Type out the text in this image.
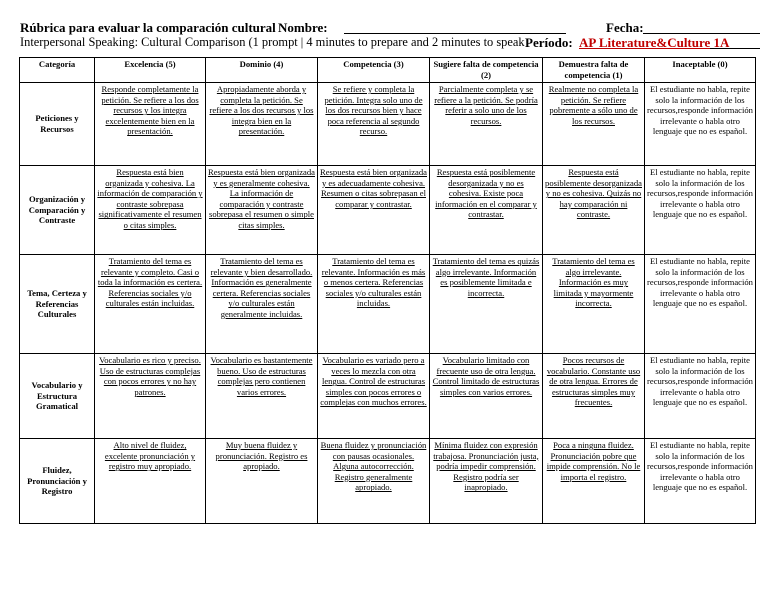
Rúbrica para evaluar la comparación cultural Nombre:	Fecha:
Interpersonal Speaking: Cultural Comparison (1 prompt | 4 minutes to prepare and 2 minutes to speak Período: AP Literature&Culture 1A
Categoría	Excelencia (5)	Dominio (4)	Competencia (3)	Sugiere falta de competencia (2)	Demuestra falta de competencia (1)	Inaceptable (0)
Peticiones y Recursos	Responde completamente la petición. Se refiere a los dos recursos y los integra excelentemente bien en la presentación.	Apropiadamente aborda y completa la petición. Se refiere a los dos recursos y los integra bien en la presentación.	Se refiere y completa la petición. Integra solo uno de los dos recursos bien y hace poca referencia al segundo recurso.	Parcialmente completa y se refiere a la petición. Se podría referir a solo uno de los recursos.	Realmente no completa la petición. Se refiere pobremente a sólo uno de los recursos.	El estudiante no habla, repite solo la información de los recursos,responde información irrelevante o habla otro lenguaje que no es español.
Organización y Comparación y Contraste	Respuesta está bien organizada y cohesiva. La información de comparación y contraste sobrepasa significativamente el resumen o citas simples.	Respuesta está bien organizada y es generalmente cohesiva. La información de comparación y contraste sobrepasa el resumen o simple citas simples.	Respuesta está bien organizada y es adecuadamente cohesiva. Resumen o citas sobrepasan el comparar y contrastar.	Respuesta está posiblemente desorganizada y no es cohesiva. Existe poca información en el comparar y contrastar.	Respuesta está posiblemente desorganizada y no es cohesiva. Quizás no hay comparación ni contraste.	El estudiante no habla, repite solo la información de los recursos,responde información irrelevante o habla otro lenguaje que no es español.
Tema, Certeza y Referencias Culturales	Tratamiento del tema es relevante y completo. Casi o toda la información es certera. Referencias sociales y/o culturales están incluidas.	Tratamiento del tema es relevante y bien desarrollado. Información es generalmente certera. Referencias sociales y/o culturales están generalmente incluidas.	Tratamiento del tema es relevante. Información es más o menos certera. Referencias sociales y/o culturales están incluidas.	Tratamiento del tema es quizás algo irrelevante. Información es posiblemente limitada e incorrecta.	Tratamiento del tema es algo irrelevante. Información es muy limitada y mayormente incorrecta.	El estudiante no habla, repite solo la información de los recursos,responde información irrelevante o habla otro lenguaje que no es español.
Vocabulario y Estructura Gramatical	Vocabulario es rico y preciso. Uso de estructuras complejas con pocos errores y no hay patrones.	Vocabulario es bastantemente bueno. Uso de estructuras complejas pero contienen varios errores.	Vocabulario es variado pero a veces lo mezcla con otra lengua. Control de estructuras simples con pocos errores o complejas con muchos errores.	Vocabulario limitado con frecuente uso de otra lengua. Control limitado de estructuras simples con varios errores.	Pocos recursos de vocabulario. Constante uso de otra lengua. Errores de estructuras simples muy frecuentes.	El estudiante no habla, repite solo la información de los recursos,responde información irrelevante o habla otro lenguaje que no es español.
Fluidez, Pronunciación y Registro	Alto nivel de fluidez, excelente pronunciación y registro muy apropiado.	Muy buena fluidez y pronunciación. Registro es apropiado.	Buena fluidez y pronunciación con pausas ocasionales. Alguna autocorrección. Registro generalmente apropiado.	Mínima fluidez con expresión trabajosa. Pronunciación justa, podría impedir comprensión. Registro podría ser inapropiado.	Poca a ninguna fluidez. Pronunciación pobre que impide comprensión. No le importa el registro.	El estudiante no habla, repite solo la información de los recursos,responde información irrelevante o habla otro lenguaje que no es español.
